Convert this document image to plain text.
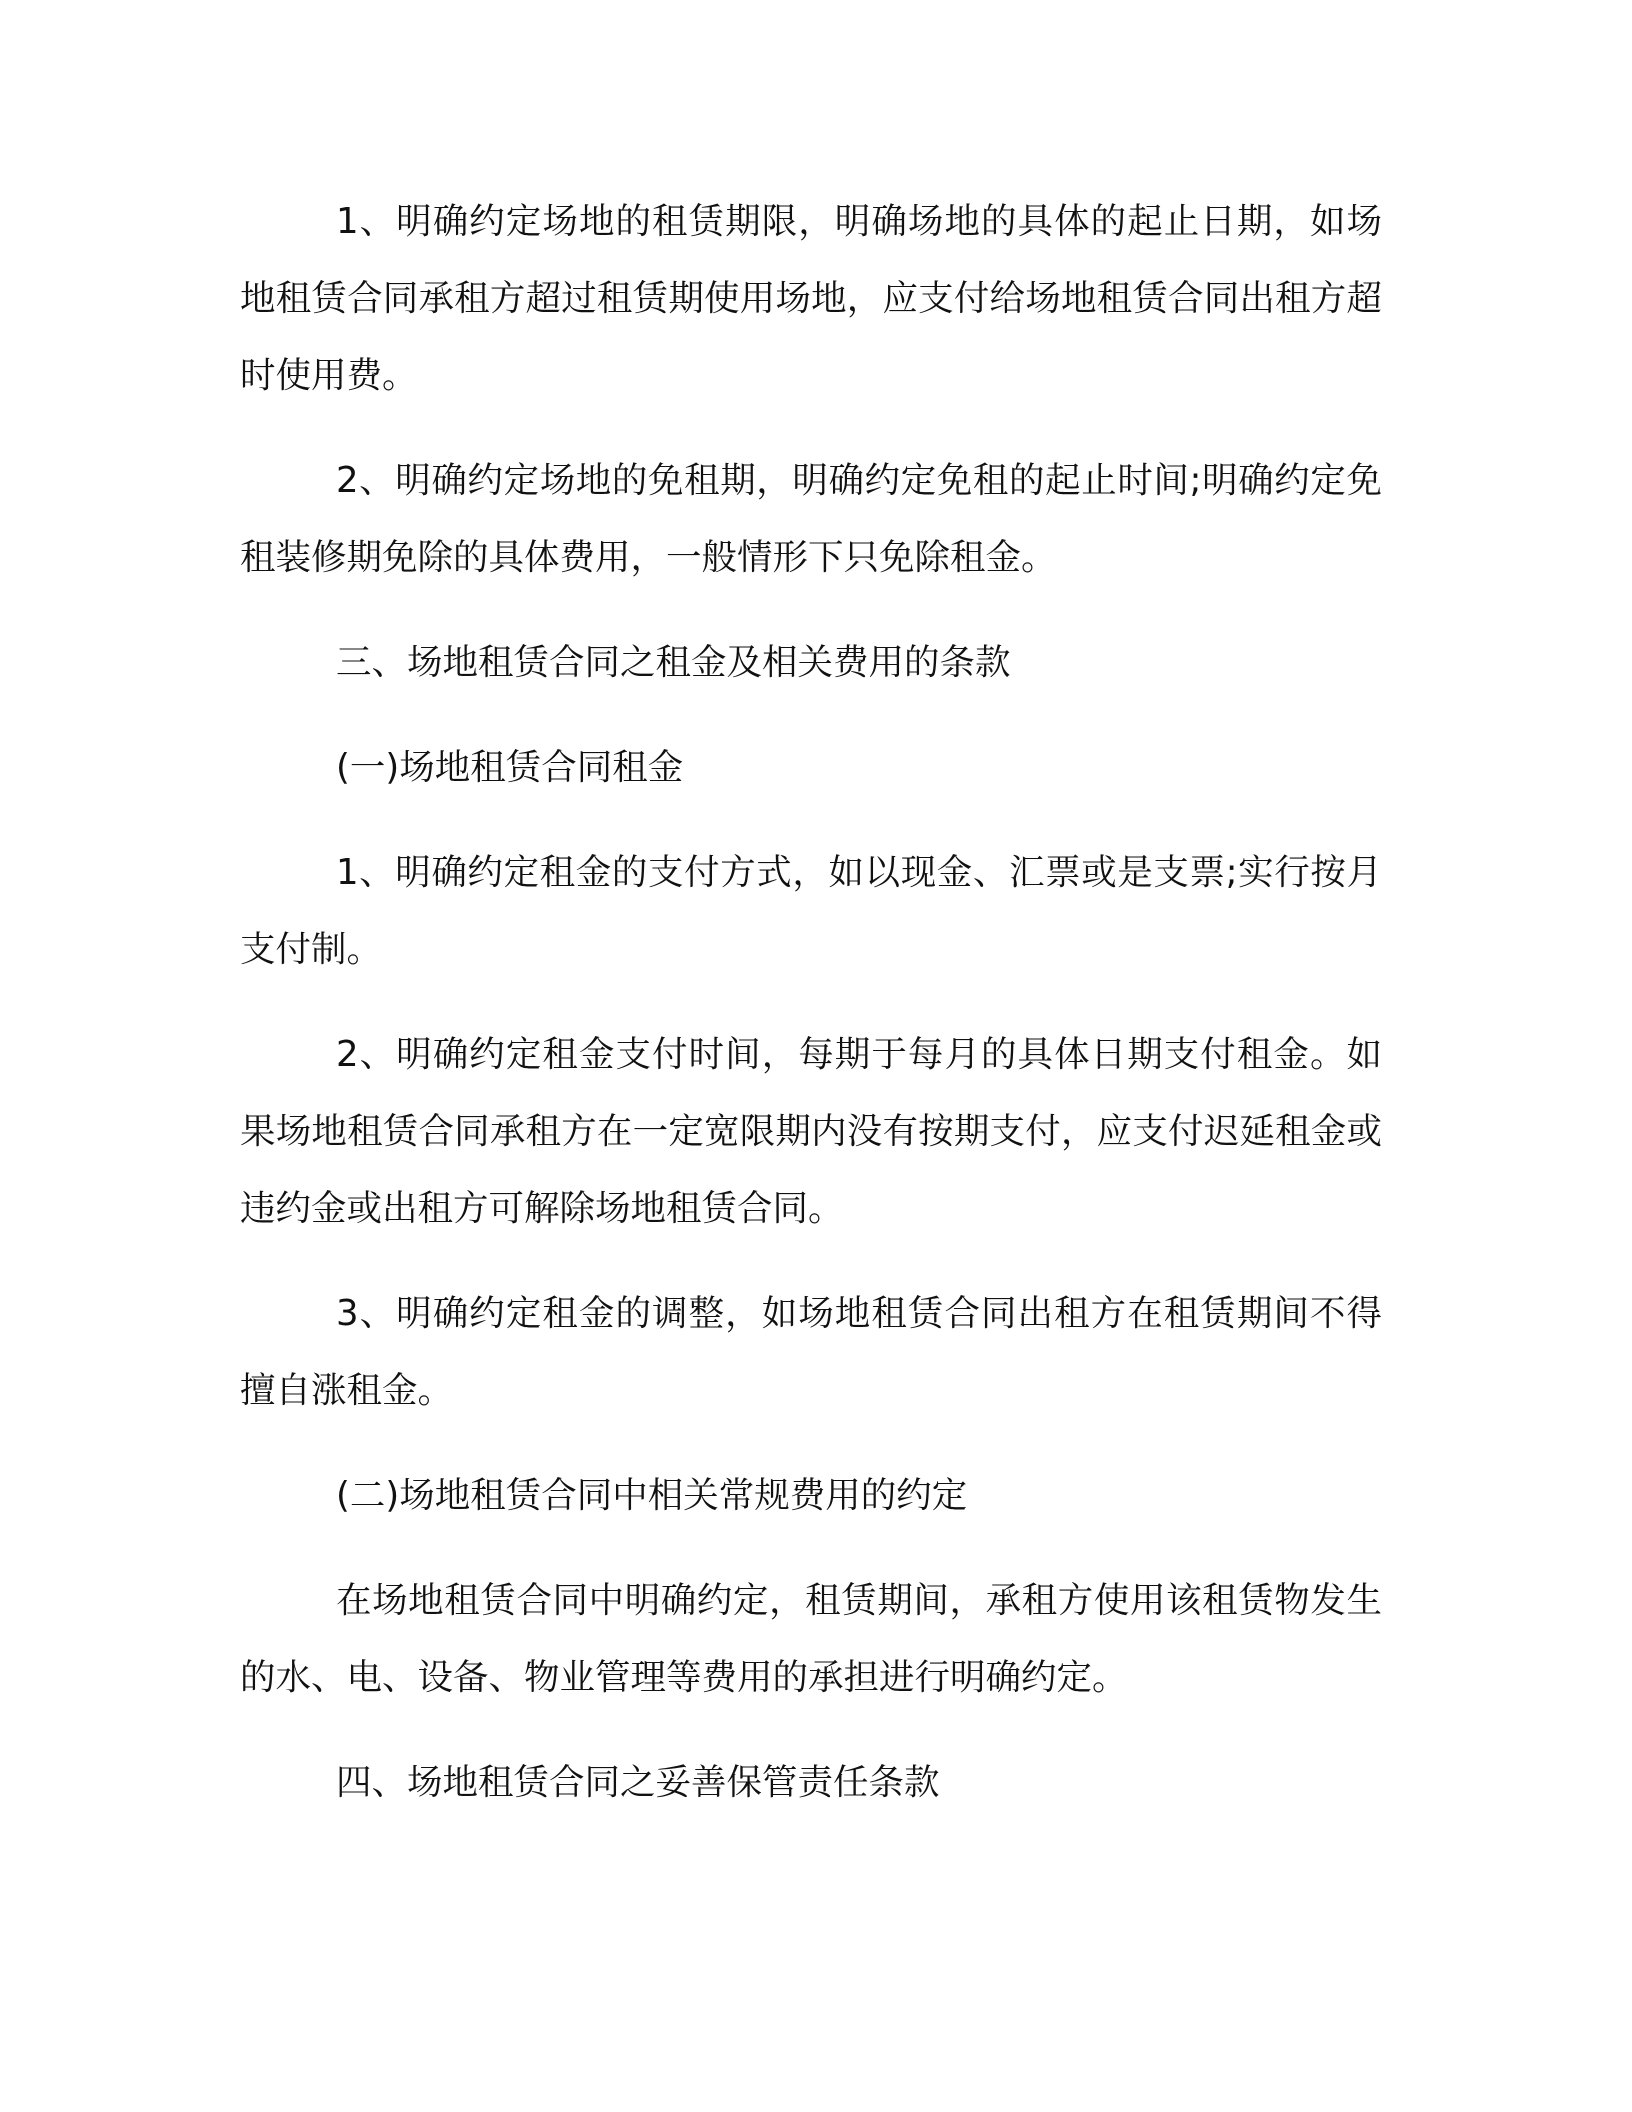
1、明确约定场地的租赁期限，明确场地的具体的起止日期，如场地租赁合同承租方超过租赁期使用场地，应支付给场地租赁合同出租方超时使用费。

2、明确约定场地的免租期，明确约定免租的起止时间;明确约定免租装修期免除的具体费用，一般情形下只免除租金。

三、场地租赁合同之租金及相关费用的条款

(一)场地租赁合同租金

1、明确约定租金的支付方式，如以现金、汇票或是支票;实行按月支付制。

2、明确约定租金支付时间，每期于每月的具体日期支付租金。如果场地租赁合同承租方在一定宽限期内没有按期支付，应支付迟延租金或违约金或出租方可解除场地租赁合同。

3、明确约定租金的调整，如场地租赁合同出租方在租赁期间不得擅自涨租金。

(二)场地租赁合同中相关常规费用的约定

在场地租赁合同中明确约定，租赁期间，承租方使用该租赁物发生的水、电、设备、物业管理等费用的承担进行明确约定。

四、场地租赁合同之妥善保管责任条款
